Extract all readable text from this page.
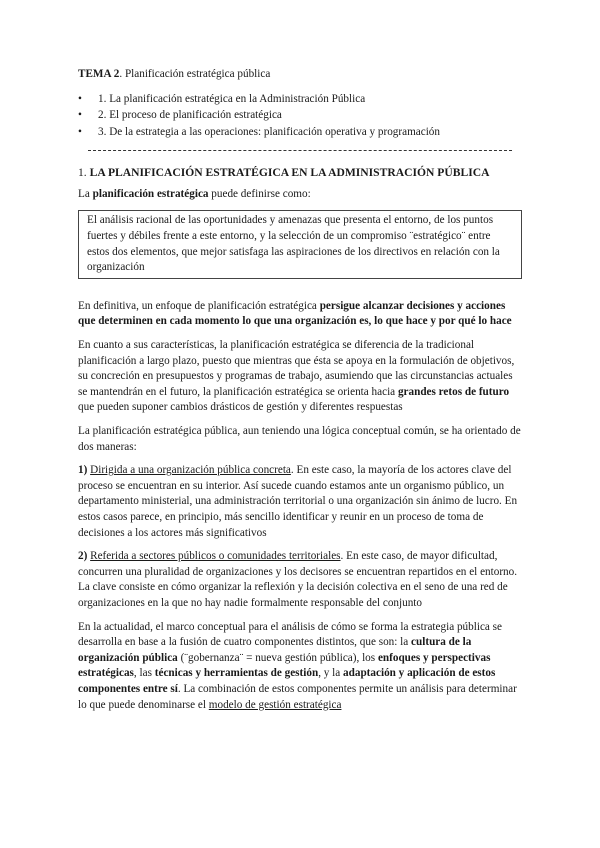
TEMA 2. Planificación estratégica pública

• 1. La planificación estratégica en la Administración Pública
• 2. El proceso de planificación estratégica
• 3. De la estrategia a las operaciones: planificación operativa y programación
1. LA PLANIFICACIÓN ESTRATÉGICA EN LA ADMINISTRACIÓN PÚBLICA

La planificación estratégica puede definirse como:

El análisis racional de las oportunidades y amenazas que presenta el entorno, de los puntos fuertes y débiles frente a este entorno, y la selección de un compromiso ¨estratégico¨ entre estos dos elementos, que mejor satisfaga las aspiraciones de los directivos en relación con la organización

En definitiva, un enfoque de planificación estratégica persigue alcanzar decisiones y acciones que determinen en cada momento lo que una organización es, lo que hace y por qué lo hace

En cuanto a sus características, la planificación estratégica se diferencia de la tradicional planificación a largo plazo, puesto que mientras que ésta se apoya en la formulación de objetivos, su concreción en presupuestos y programas de trabajo, asumiendo que las circunstancias actuales se mantendrán en el futuro, la planificación estratégica se orienta hacia grandes retos de futuro que pueden suponer cambios drásticos de gestión y diferentes respuestas

La planificación estratégica pública, aun teniendo una lógica conceptual común, se ha orientado de dos maneras:

1) Dirigida a una organización pública concreta. En este caso, la mayoría de los actores clave del proceso se encuentran en su interior. Así sucede cuando estamos ante un organismo público, un departamento ministerial, una administración territorial o una organización sin ánimo de lucro. En estos casos parece, en principio, más sencillo identificar y reunir en un proceso de toma de decisiones a los actores más significativos

2) Referida a sectores públicos o comunidades territoriales. En este caso, de mayor dificultad, concurren una pluralidad de organizaciones y los decisores se encuentran repartidos en el entorno. La clave consiste en cómo organizar la reflexión y la decisión colectiva en el seno de una red de organizaciones en la que no hay nadie formalmente responsable del conjunto

En la actualidad, el marco conceptual para el análisis de cómo se forma la estrategia pública se desarrolla en base a la fusión de cuatro componentes distintos, que son: la cultura de la organización pública (¨gobernanza¨ = nueva gestión pública), los enfoques y perspectivas estratégicas, las técnicas y herramientas de gestión, y la adaptación y aplicación de estos componentes entre sí. La combinación de estos componentes permite un análisis para determinar lo que puede denominarse el modelo de gestión estratégica
